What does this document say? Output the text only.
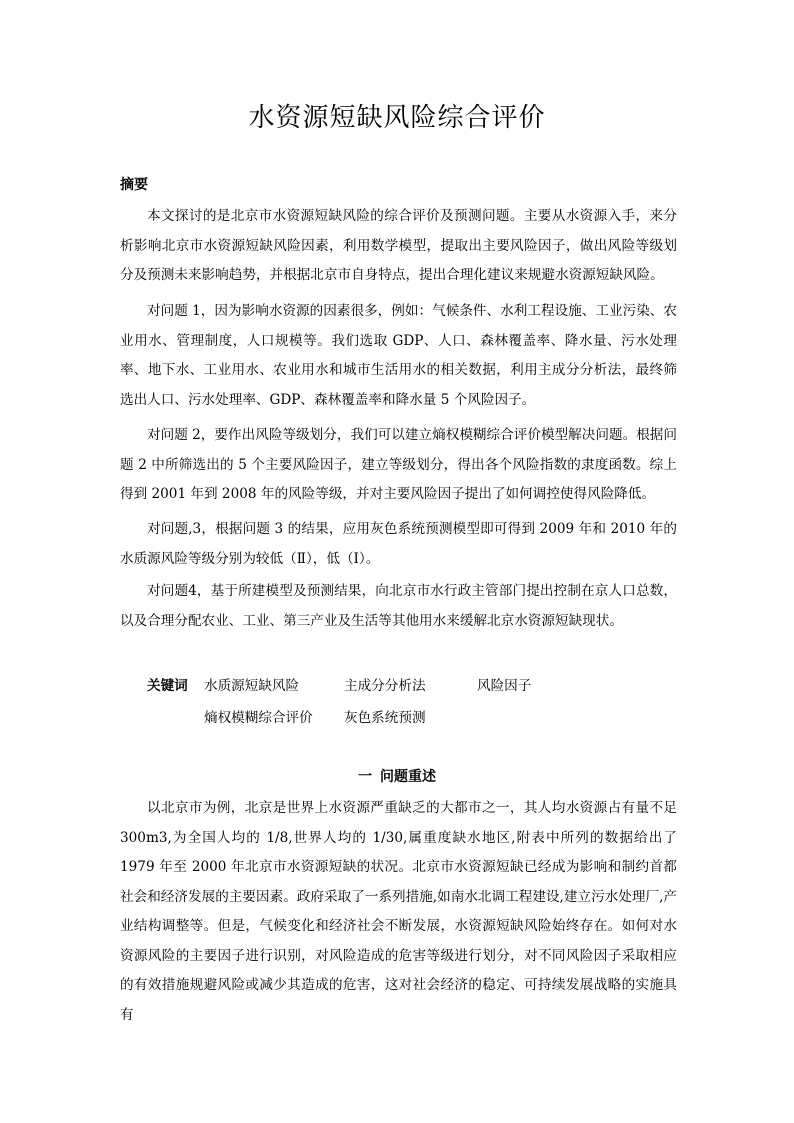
水资源短缺风险综合评价
摘要

本文探讨的是北京市水资源短缺风险的综合评价及预测问题。主要从水资源入手，来分析影响北京市水资源短缺风险因素，利用数学模型，提取出主要风险因子，做出风险等级划分及预测未来影响趋势，并根据北京市自身特点，提出合理化建议来规避水资源短缺风险。

对问题 1，因为影响水资源的因素很多，例如：气候条件、水利工程设施、工业污染、农业用水、管理制度，人口规模等。我们选取 GDP、人口、森林覆盖率、降水量、污水处理率、地下水、工业用水、农业用水和城市生活用水的相关数据，利用主成分分析法，最终筛选出人口、污水处理率、GDP、森林覆盖率和降水量 5 个风险因子。

对问题 2，要作出风险等级划分，我们可以建立熵权模糊综合评价模型解决问题。根据问题 2 中所筛选出的 5 个主要风险因子，建立等级划分，得出各个风险指数的隶度函数。综上得到 2001 年到 2008 年的风险等级，并对主要风险因子提出了如何调控使得风险降低。

对问题,3，根据问题 3 的结果，应用灰色系统预测模型即可得到 2009 年和 2010 年的水质源风险等级分别为较低（Ⅱ），低（Ⅰ）。

对问题4，基于所建模型及预测结果，向北京市水行政主管部门提出控制在京人口总数，以及合理分配农业、工业、第三产业及生活等其他用水来缓解北京水资源短缺现状。

关键词 水质源短缺风险	主成分分析法	风险因子
熵权模糊综合评价 灰色系统预测
一 问题重述

以北京市为例，北京是世界上水资源严重缺乏的大都市之一，其人均水资源占有量不足 300m3,为全国人均的 1/8,世界人均的 1/30,属重度缺水地区,附表中所列的数据给出了 1979 年至 2000 年北京市水资源短缺的状况。北京市水资源短缺已经成为影响和制约首都社会和经济发展的主要因素。政府采取了一系列措施,如南水北调工程建设,建立污水处理厂,产业结构调整等。但是，气候变化和经济社会不断发展，水资源短缺风险始终存在。如何对水资源风险的主要因子进行识别，对风险造成的危害等级进行划分，对不同风险因子采取相应的有效措施规避风险或减少其造成的危害，这对社会经济的稳定、可持续发展战略的实施具有
